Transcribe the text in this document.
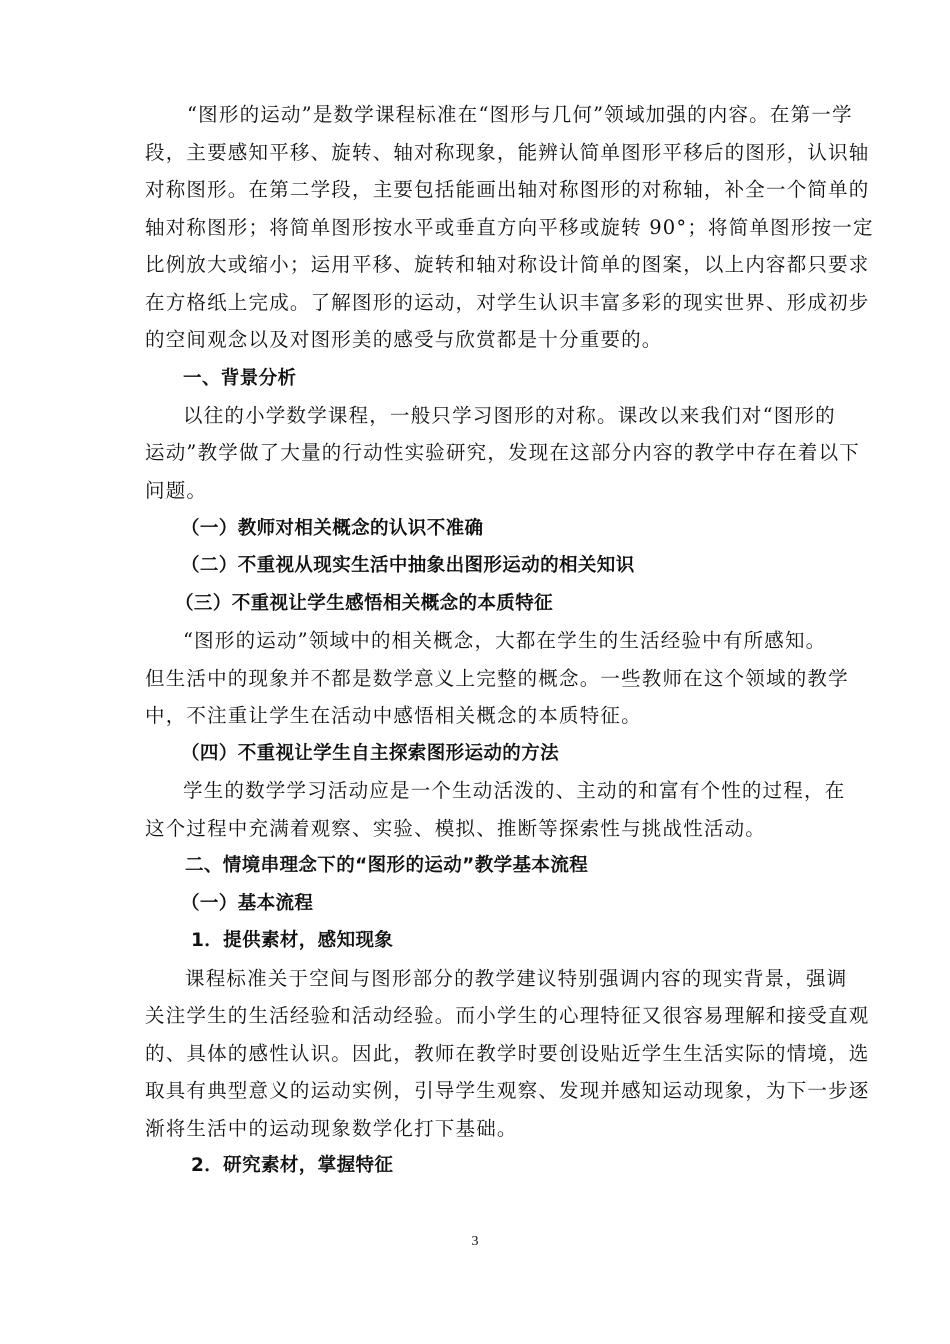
“图形的运动”是数学课程标准在“图形与几何”领域加强的内容。在第一学
段，主要感知平移、旋转、轴对称现象，能辨认简单图形平移后的图形，认识轴
对称图形。在第二学段，主要包括能画出轴对称图形的对称轴，补全一个简单的
轴对称图形；将简单图形按水平或垂直方向平移或旋转 90°；将简单图形按一定
比例放大或缩小；运用平移、旋转和轴对称设计简单的图案，以上内容都只要求
在方格纸上完成。了解图形的运动，对学生认识丰富多彩的现实世界、形成初步
的空间观念以及对图形美的感受与欣赏都是十分重要的。
一、背景分析
以往的小学数学课程，一般只学习图形的对称。课改以来我们对“图形的
运动”教学做了大量的行动性实验研究，发现在这部分内容的教学中存在着以下
问题。
（一）教师对相关概念的认识不准确
（二）不重视从现实生活中抽象出图形运动的相关知识
（三）不重视让学生感悟相关概念的本质特征
“图形的运动”领域中的相关概念，大都在学生的生活经验中有所感知。
但生活中的现象并不都是数学意义上完整的概念。一些教师在这个领域的教学
中，不注重让学生在活动中感悟相关概念的本质特征。
（四）不重视让学生自主探索图形运动的方法
学生的数学学习活动应是一个生动活泼的、主动的和富有个性的过程，在
这个过程中充满着观察、实验、模拟、推断等探索性与挑战性活动。
二、情境串理念下的“图形的运动”教学基本流程
（一）基本流程
1．提供素材，感知现象
课程标准关于空间与图形部分的教学建议特别强调内容的现实背景，强调
关注学生的生活经验和活动经验。而小学生的心理特征又很容易理解和接受直观
的、具体的感性认识。因此，教师在教学时要创设贴近学生生活实际的情境，选
取具有典型意义的运动实例，引导学生观察、发现并感知运动现象，为下一步逐
渐将生活中的运动现象数学化打下基础。
2．研究素材，掌握特征
3
